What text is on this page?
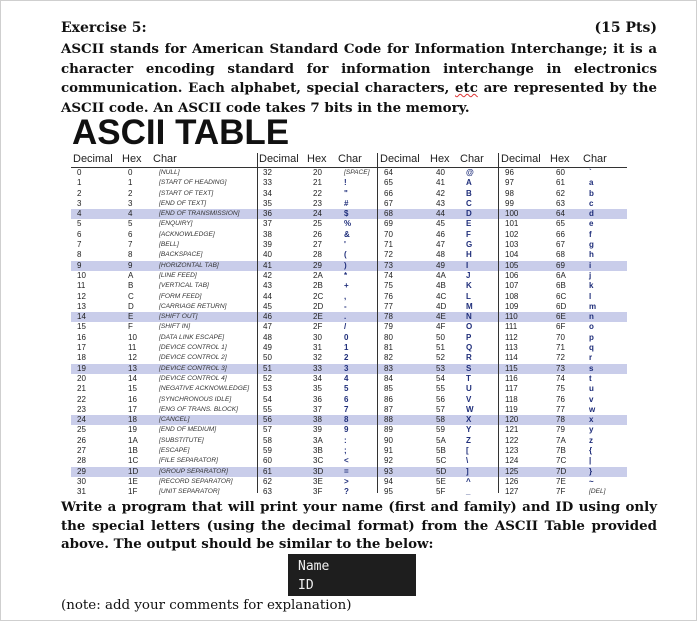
Exercise 5:	(15 Pts)
ASCII stands for American Standard Code for Information Interchange; it is a character encoding standard for information interchange in electronics communication. Each alphabet, special characters, etc are represented by the ASCII code. An ASCII code takes 7 bits in the memory.
ASCII TABLE
Decimal Hex Char
0	0	[NULL]
1	1	[START OF HEADING]
2	2	[START OF TEXT]
3	3	[END OF TEXT]
4	4	[END OF TRANSMISSION]
5	5	[ENQUIRY]
6	6	[ACKNOWLEDGE]
7	7	[BELL]
8	8	[BACKSPACE]
9	9	[HORIZONTAL TAB]
10	A	[LINE FEED]
11	B	[VERTICAL TAB]
12	C	[FORM FEED]
13	D	[CARRIAGE RETURN]
14	E	[SHIFT OUT]
15	F	[SHIFT IN]
16	10	[DATA LINK ESCAPE]
17	11	[DEVICE CONTROL 1]
18	12	[DEVICE CONTROL 2]
19	13	[DEVICE CONTROL 3]
20	14	[DEVICE CONTROL 4]
21	15	[NEGATIVE ACKNOWLEDGE]
22	16	[SYNCHRONOUS IDLE]
23	17	[ENG OF TRANS. BLOCK]
24	18	[CANCEL]
25	19	[END OF MEDIUM]
26	1A	[SUBSTITUTE]
27	1B	[ESCAPE]
28	1C	[FILE SEPARATOR]
29	1D	[GROUP SEPARATOR]
30	1E	[RECORD SEPARATOR]
31	1F	[UNIT SEPARATOR]
Decimal Hex Char
32	20	[SPACE]
33	21	!
34	22	"
35	23	#
36	24	$
37	25	%
38	26	&
39	27	'
40	28	(
41	29	)
42	2A	*
43	2B	+
44	2C	,
45	2D	-
46	2E	.
47	2F	/
48	30	0
49	31	1
50	32	2
51	33	3
52	34	4
53	35	5
54	36	6
55	37	7
56	38	8
57	39	9
58	3A	:
59	3B	;
60	3C	<
61	3D	=
62	3E	>
63	3F	?
Decimal Hex Char
64	40	@
65	41	A
66	42	B
67	43	C
68	44	D
69	45	E
70	46	F
71	47	G
72	48	H
73	49	I
74	4A	J
75	4B	K
76	4C L
77	4D M
78	4E	N
79	4F	O
80	50	P
81	51	Q
82	52	R
83	53	S
84	54	T
85	55	U
86	56	V
87	57	W
88	58	X
89	59	Y
90	5A	Z
91	5B	[
92	5C \
93	5D ]
94	5E	^
95	5F	_
Decimal Hex Char
96	60	`
97	61	a
98	62	b
99	63	c
100	64	d
101	65	e
102	66	f
103	67	g
104	68	h
105	69	i
106	6A	j
107	6B	k
108	6C	l
109	6D	m
110	6E	n
111	6F	o
112	70	p
113	71	q
114	72	r
115	73	s
116	74	t
117	75	u
118	76	v
119	77	w
120	78	x
121	79	y
122	7A	z
123	7B	{
124	7C	|
125	7D	}
126	7E	~
127	7F	[DEL]
Write a program that will print your name (first and family) and ID using only the special letters (using the decimal format) from the ASCII Table provided above. The output should be similar to the below:
Name
ID
(note: add your comments for explanation)
